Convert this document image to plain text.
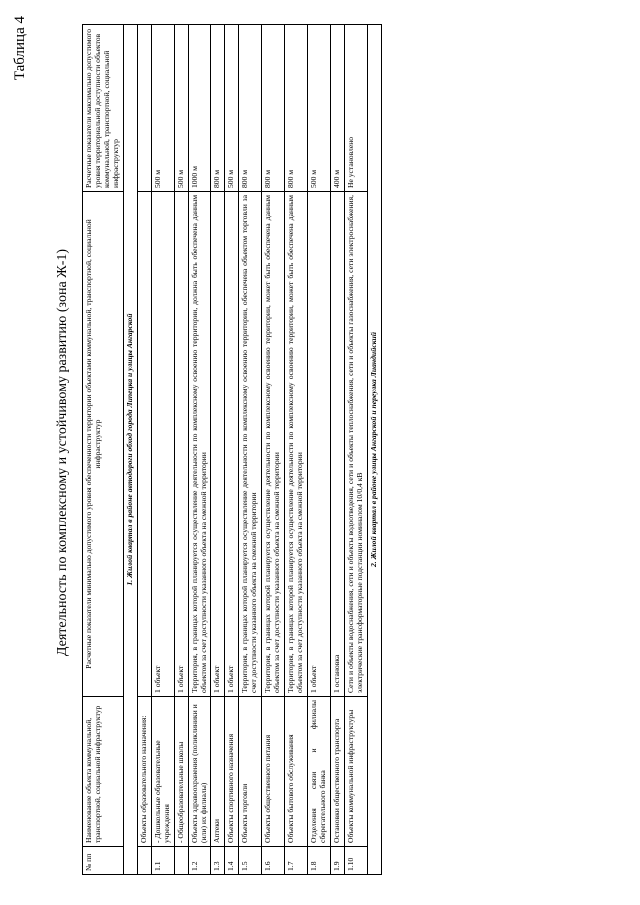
Таблица 4
Деятельность по комплексному и устойчивому развитию (зона Ж-1)
№ пп	Наименование объекта коммунальной, транспортной, социальной инфраструктур	Расчетные показатели минимально допустимого уровня обеспеченности территории объектами коммунальной, транспортной, социальной инфраструктур	Расчетные показатели максимально допустимого уровня территориальной доступности объектов коммунальной, транспортной, социальной инфраструктур
1. Жилой квартал в районе автодороги обход города Липецка и улицы Ангарской			
	Объекты образовательного назначения:		
1.1	- Дошкольные образовательные учреждения	1 объект	500 м
	- Общеобразовательные школы	1 объект	500 м
1.2	Объекты здравоохранения (поликлиники и (или) их филиалы)	Территория, в границах которой планируется осуществление деятельности по комплексному освоению территории, должна быть обеспечена данным объектом за счет доступности указанного объекта на смежной территории	1000 м
1.3	Аптеки	1 объект	800 м
1.4	Объекты спортивного назначения	1 объект	500 м
1.5	Объекты торговли	Территория, в границах которой планируется осуществление деятельности по комплексному освоению территории, обеспечена объектом торговли за счет доступности указанного объекта на смежной территории	800 м
1.6	Объекты общественного питания	Территория, в границах которой планируется осуществление деятельности по комплексному освоению территории, может быть обеспечена данным объектом за счет доступности указанного объекта на смежной территории	800 м
1.7	Объекты бытового обслуживания	Территория, в границах которой планируется осуществление деятельности по комплексному освоению территории, может быть обеспечена данным объектом за счет доступности указанного объекта на смежной территории	800 м
1.8	Отделения связи и филиалы сберегательного банка	1 объект	500 м
1.9	Остановки общественного транспорта	1 остановка	400 м
1.10	Объекты коммунальной инфраструктуры	Сети и объекты водоснабжения, сети и объекты водоотведения, сети и объекты теплоснабжения, сети и объекты газоснабжения, сети электроснабжения, электрические трансформаторные подстанции номиналом 10/0,4 кВ	Не установлено
2. Жилой квартал в районе улицы Ангарской и переулка Лиандийский			
